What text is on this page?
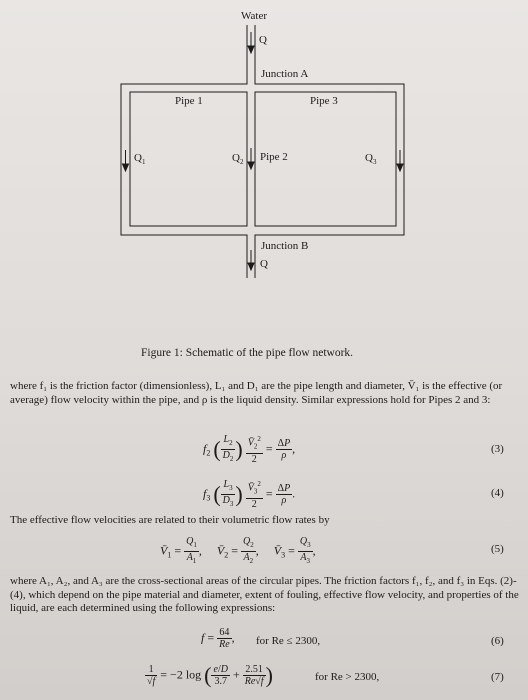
Water
Q
Junction A
Pipe 1	Pipe 3
$Q_1$	$Q_2$ Pipe 2	$Q_3$
Junction B
Q
Figure 1: Schematic of the pipe flow network.
where f₁ is the friction factor (dimensionless), L₁ and D₁ are the pipe length and diameter, V̄₁ is the effective (or average) flow velocity within the pipe, and ρ is the liquid density. Similar expressions hold for Pipes 2 and 3:
$f_2$ ( $\frac{L_2}{D_2}$ ) $\frac{V̄_2^2}{2} = \frac{\Delta P}{\rho}$ ,	(3)
$f_3$ ( $\frac{L_3}{D_3}$ ) $\frac{V̄_3^2}{2} = \frac{\Delta P}{\rho}$ .	(4)
The effective flow velocities are related to their volumetric flow rates by
$V̄_1 = \frac{Q_1}{A_1}$ ,     $V̄_2 = \frac{Q_2}{A_2}$ ,     $V̄_3 = \frac{Q_3}{A_3}$ ,	(5)
where A₁, A₂, and A₃ are the cross-sectional areas of the circular pipes. The friction factors f₁, f₂, and f₃ in Eqs. (2)-(4), which depend on the pipe material and diameter, extent of fouling, effective flow velocity, and properties of the liquid, are each determined using the following expressions:
$f = \frac{64}{Re}$ , for Re ≤ 2300,	(6)
$\frac{1}{√f} = -2$ log ( $\frac{e/D}{3.7} + \frac{2.51}{Re√f}$ )	for Re > 2300,	(7)
